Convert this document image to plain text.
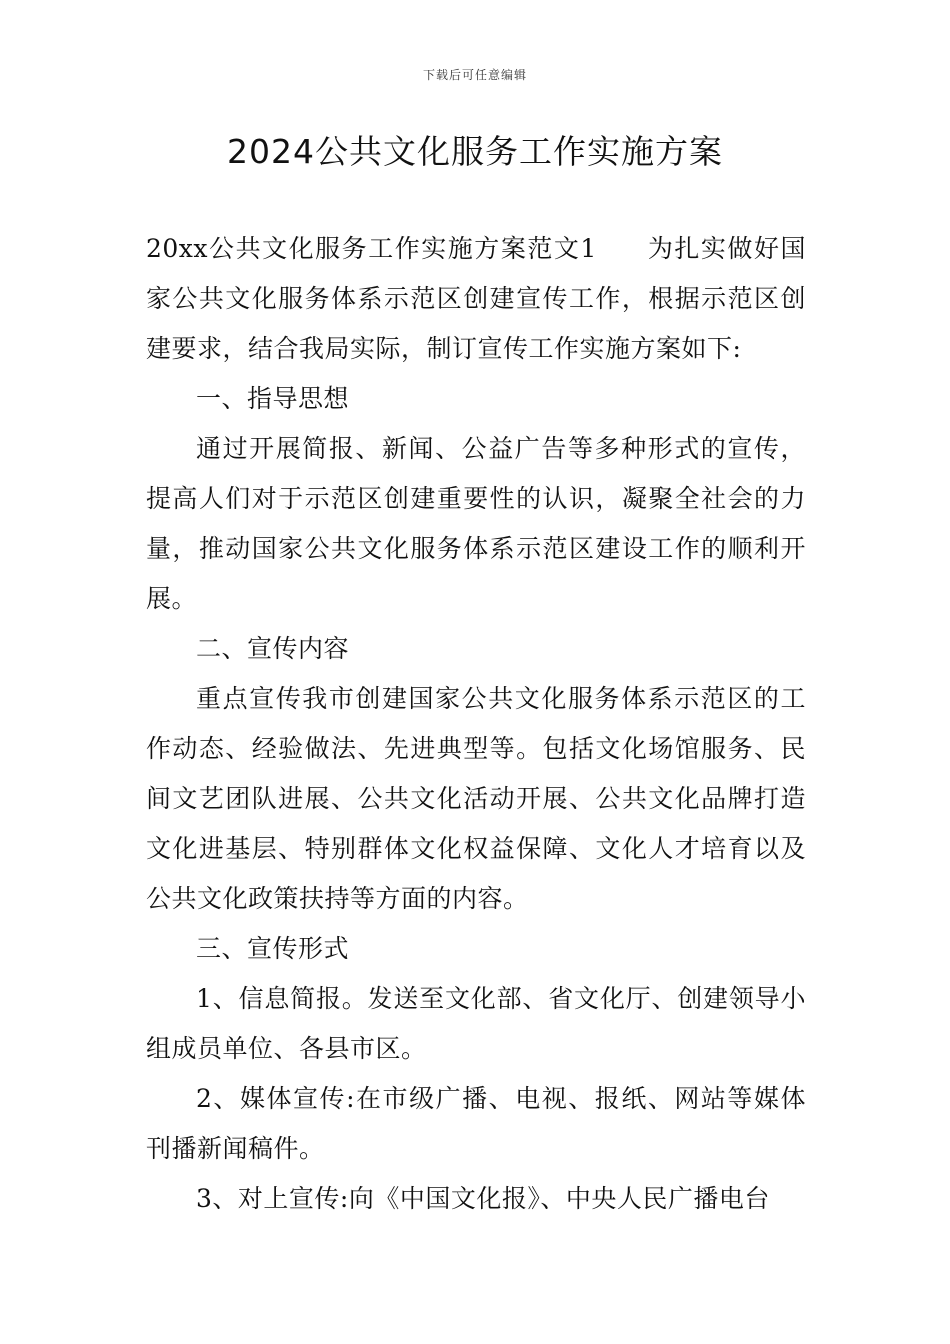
下载后可任意编辑
2024公共文化服务工作实施方案

20xx公共文化服务工作实施方案范文1 为扎实做好国家公共文化服务体系示范区创建宣传工作，根据示范区创建要求，结合我局实际，制订宣传工作实施方案如下:

一、指导思想

通过开展简报、新闻、公益广告等多种形式的宣传，提高人们对于示范区创建重要性的认识，凝聚全社会的力量，推动国家公共文化服务体系示范区建设工作的顺利开展。

二、宣传内容

重点宣传我市创建国家公共文化服务体系示范区的工作动态、经验做法、先进典型等。包括文化场馆服务、民间文艺团队进展、公共文化活动开展、公共文化品牌打造文化进基层、特别群体文化权益保障、文化人才培育以及公共文化政策扶持等方面的内容。

三、宣传形式

1、信息简报。发送至文化部、省文化厅、创建领导小组成员单位、各县市区。

2、媒体宣传:在市级广播、电视、报纸、网站等媒体刊播新闻稿件。

3、对上宣传:向《中国文化报》、中央人民广播电台
